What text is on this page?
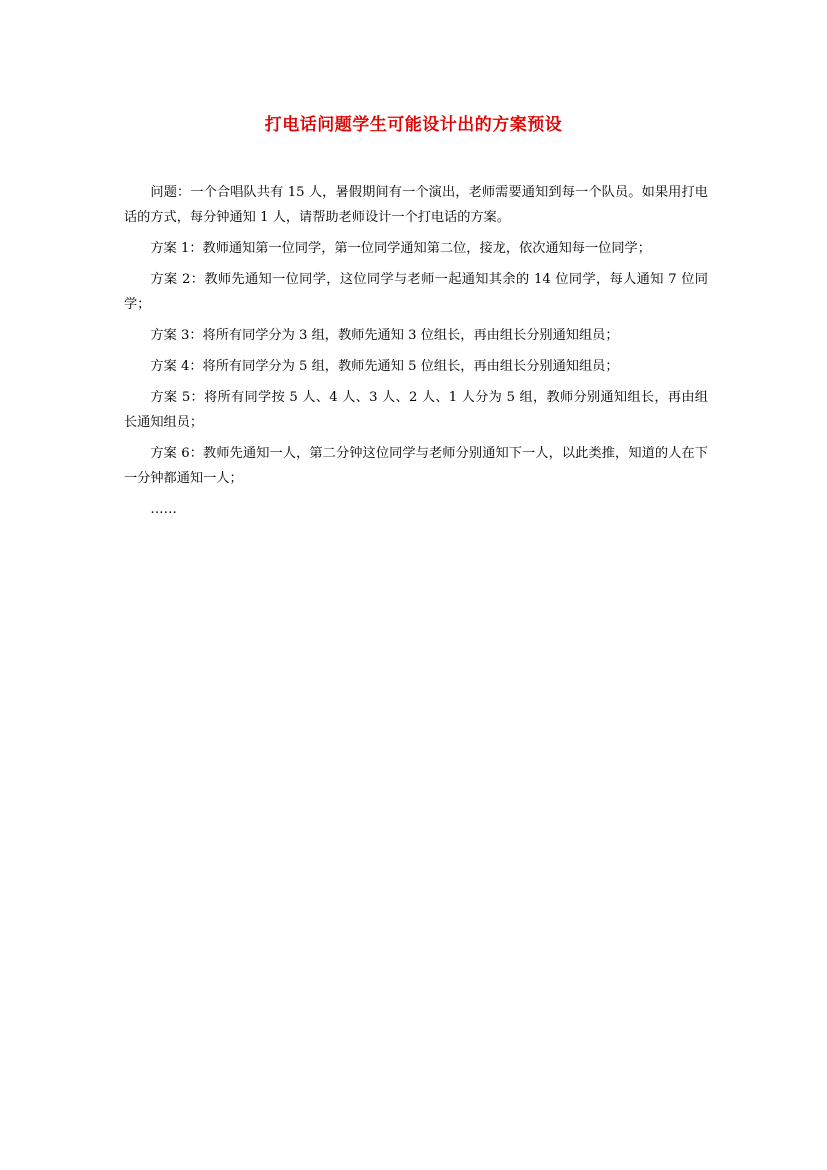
打电话问题学生可能设计出的方案预设

问题：一个合唱队共有 15 人，暑假期间有一个演出，老师需要通知到每一个队员。如果用打电话的方式，每分钟通知 1 人，请帮助老师设计一个打电话的方案。

方案 1：教师通知第一位同学，第一位同学通知第二位，接龙，依次通知每一位同学；

方案 2：教师先通知一位同学，这位同学与老师一起通知其余的 14 位同学，每人通知 7 位同学；

方案 3：将所有同学分为 3 组，教师先通知 3 位组长，再由组长分别通知组员；

方案 4：将所有同学分为 5 组，教师先通知 5 位组长，再由组长分别通知组员；

方案 5：将所有同学按 5 人、4 人、3 人、2 人、1 人分为 5 组，教师分别通知组长，再由组长通知组员；

方案 6：教师先通知一人，第二分钟这位同学与老师分别通知下一人，以此类推，知道的人在下一分钟都通知一人；

……
